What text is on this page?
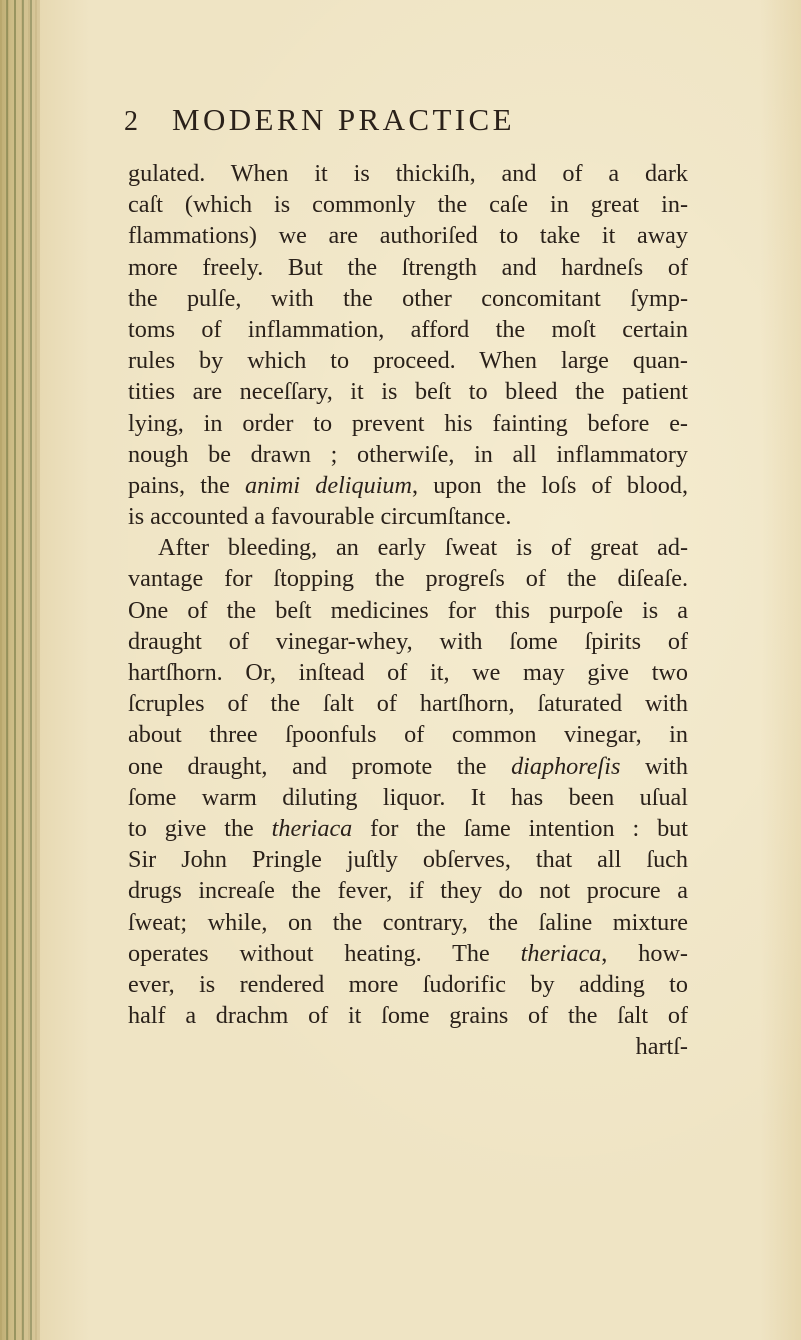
2 MODERN PRACTICE
gulated. When it is thickiſh, and of a dark
caſt (which is commonly the caſe in great in-
flammations) we are authoriſed to take it away
more freely. But the ſtrength and hardneſs of
the pulſe, with the other concomitant ſymp-
toms of inflammation, afford the moſt certain
rules by which to proceed. When large quan-
tities are neceſſary, it is beſt to bleed the patient
lying, in order to prevent his fainting before e-
nough be drawn ; otherwiſe, in all inflammatory
pains, the animi deliquium, upon the loſs of blood,
is accounted a favourable circumſtance.
After bleeding, an early ſweat is of great ad-
vantage for ſtopping the progreſs of the diſeaſe.
One of the beſt medicines for this purpoſe is a
draught of vinegar-whey, with ſome ſpirits of
hartſhorn. Or, inſtead of it, we may give two
ſcruples of the ſalt of hartſhorn, ſaturated with
about three ſpoonfuls of common vinegar, in
one draught, and promote the diaphoreſis with
ſome warm diluting liquor. It has been uſual
to give the theriaca for the ſame intention : but
Sir John Pringle juſtly obſerves, that all ſuch
drugs increaſe the fever, if they do not procure a
ſweat; while, on the contrary, the ſaline mixture
operates without heating. The theriaca, how-
ever, is rendered more ſudorific by adding to
half a drachm of it ſome grains of the ſalt of
hartſ-
